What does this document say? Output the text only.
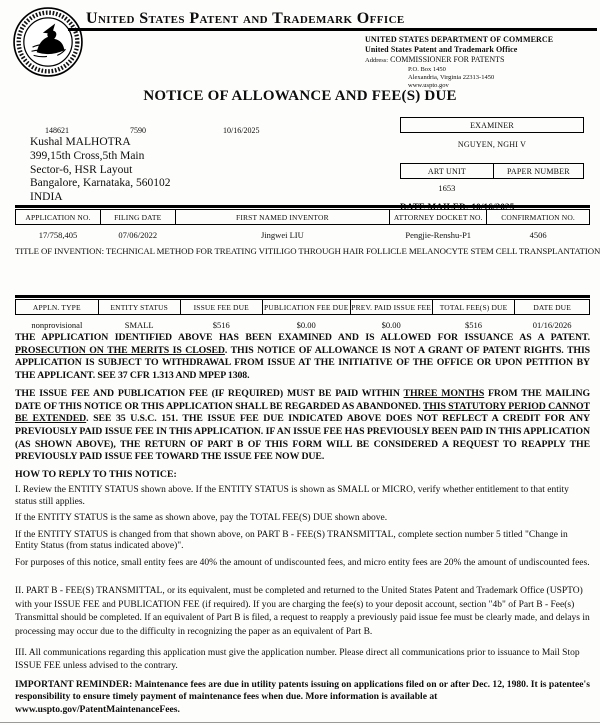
United States Patent and Trademark Office
UNITED STATES DEPARTMENT OF COMMERCE
United States Patent and Trademark Office
Address: COMMISSIONER FOR PATENTS
P.O. Box 1450
Alexandria, Virginia 22313-1450
www.uspto.gov
NOTICE OF ALLOWANCE AND FEE(S) DUE
148621	7590	10/16/2025
Kushal MALHOTRA
399,15th Cross,5th Main
Sector-6, HSR Layout
Bangalore, Karnataka, 560102
INDIA
EXAMINER
NGUYEN, NGHI V
ART UNIT	PAPER NUMBER
1653
DATE MAILED: 10/16/2025
APPLICATION NO.	FILING DATE	FIRST NAMED INVENTOR	ATTORNEY DOCKET NO.	CONFIRMATION NO.
17/758,405	07/06/2022	Jingwei LIU	Pengjie-Renshu-P1	4506
TITLE OF INVENTION: TECHNICAL METHOD FOR TREATING VITILIGO THROUGH HAIR FOLLICLE MELANOCYTE STEM CELL TRANSPLANTATION
APPLN. TYPE	ENTITY STATUS	ISSUE FEE DUE	PUBLICATION FEE DUE	PREV. PAID ISSUE FEE	TOTAL FEE(S) DUE	DATE DUE
nonprovisional	SMALL	$516	$0.00	$0.00	$516	01/16/2026

THE APPLICATION IDENTIFIED ABOVE HAS BEEN EXAMINED AND IS ALLOWED FOR ISSUANCE AS A PATENT. PROSECUTION ON THE MERITS IS CLOSED. THIS NOTICE OF ALLOWANCE IS NOT A GRANT OF PATENT RIGHTS. THIS APPLICATION IS SUBJECT TO WITHDRAWAL FROM ISSUE AT THE INITIATIVE OF THE OFFICE OR UPON PETITION BY THE APPLICANT. SEE 37 CFR 1.313 AND MPEP 1308.

THE ISSUE FEE AND PUBLICATION FEE (IF REQUIRED) MUST BE PAID WITHIN THREE MONTHS FROM THE MAILING DATE OF THIS NOTICE OR THIS APPLICATION SHALL BE REGARDED AS ABANDONED. THIS STATUTORY PERIOD CANNOT BE EXTENDED. SEE 35 U.S.C. 151. THE ISSUE FEE DUE INDICATED ABOVE DOES NOT REFLECT A CREDIT FOR ANY PREVIOUSLY PAID ISSUE FEE IN THIS APPLICATION. IF AN ISSUE FEE HAS PREVIOUSLY BEEN PAID IN THIS APPLICATION (AS SHOWN ABOVE), THE RETURN OF PART B OF THIS FORM WILL BE CONSIDERED A REQUEST TO REAPPLY THE PREVIOUSLY PAID ISSUE FEE TOWARD THE ISSUE FEE NOW DUE.

HOW TO REPLY TO THIS NOTICE:

I. Review the ENTITY STATUS shown above. If the ENTITY STATUS is shown as SMALL or MICRO, verify whether entitlement to that entity status still applies.

If the ENTITY STATUS is the same as shown above, pay the TOTAL FEE(S) DUE shown above.

If the ENTITY STATUS is changed from that shown above, on PART B - FEE(S) TRANSMITTAL, complete section number 5 titled "Change in Entity Status (from status indicated above)".

For purposes of this notice, small entity fees are 40% the amount of undiscounted fees, and micro entity fees are 20% the amount of undiscounted fees.

II. PART B - FEE(S) TRANSMITTAL, or its equivalent, must be completed and returned to the United States Patent and Trademark Office (USPTO) with your ISSUE FEE and PUBLICATION FEE (if required). If you are charging the fee(s) to your deposit account, section "4b" of Part B - Fee(s) Transmittal should be completed. If an equivalent of Part B is filed, a request to reapply a previously paid issue fee must be clearly made, and delays in processing may occur due to the difficulty in recognizing the paper as an equivalent of Part B.

III. All communications regarding this application must give the application number. Please direct all communications prior to issuance to Mail Stop ISSUE FEE unless advised to the contrary.

IMPORTANT REMINDER: Maintenance fees are due in utility patents issuing on applications filed on or after Dec. 12, 1980. It is patentee's responsibility to ensure timely payment of maintenance fees when due. More information is available at www.uspto.gov/PatentMaintenanceFees.
